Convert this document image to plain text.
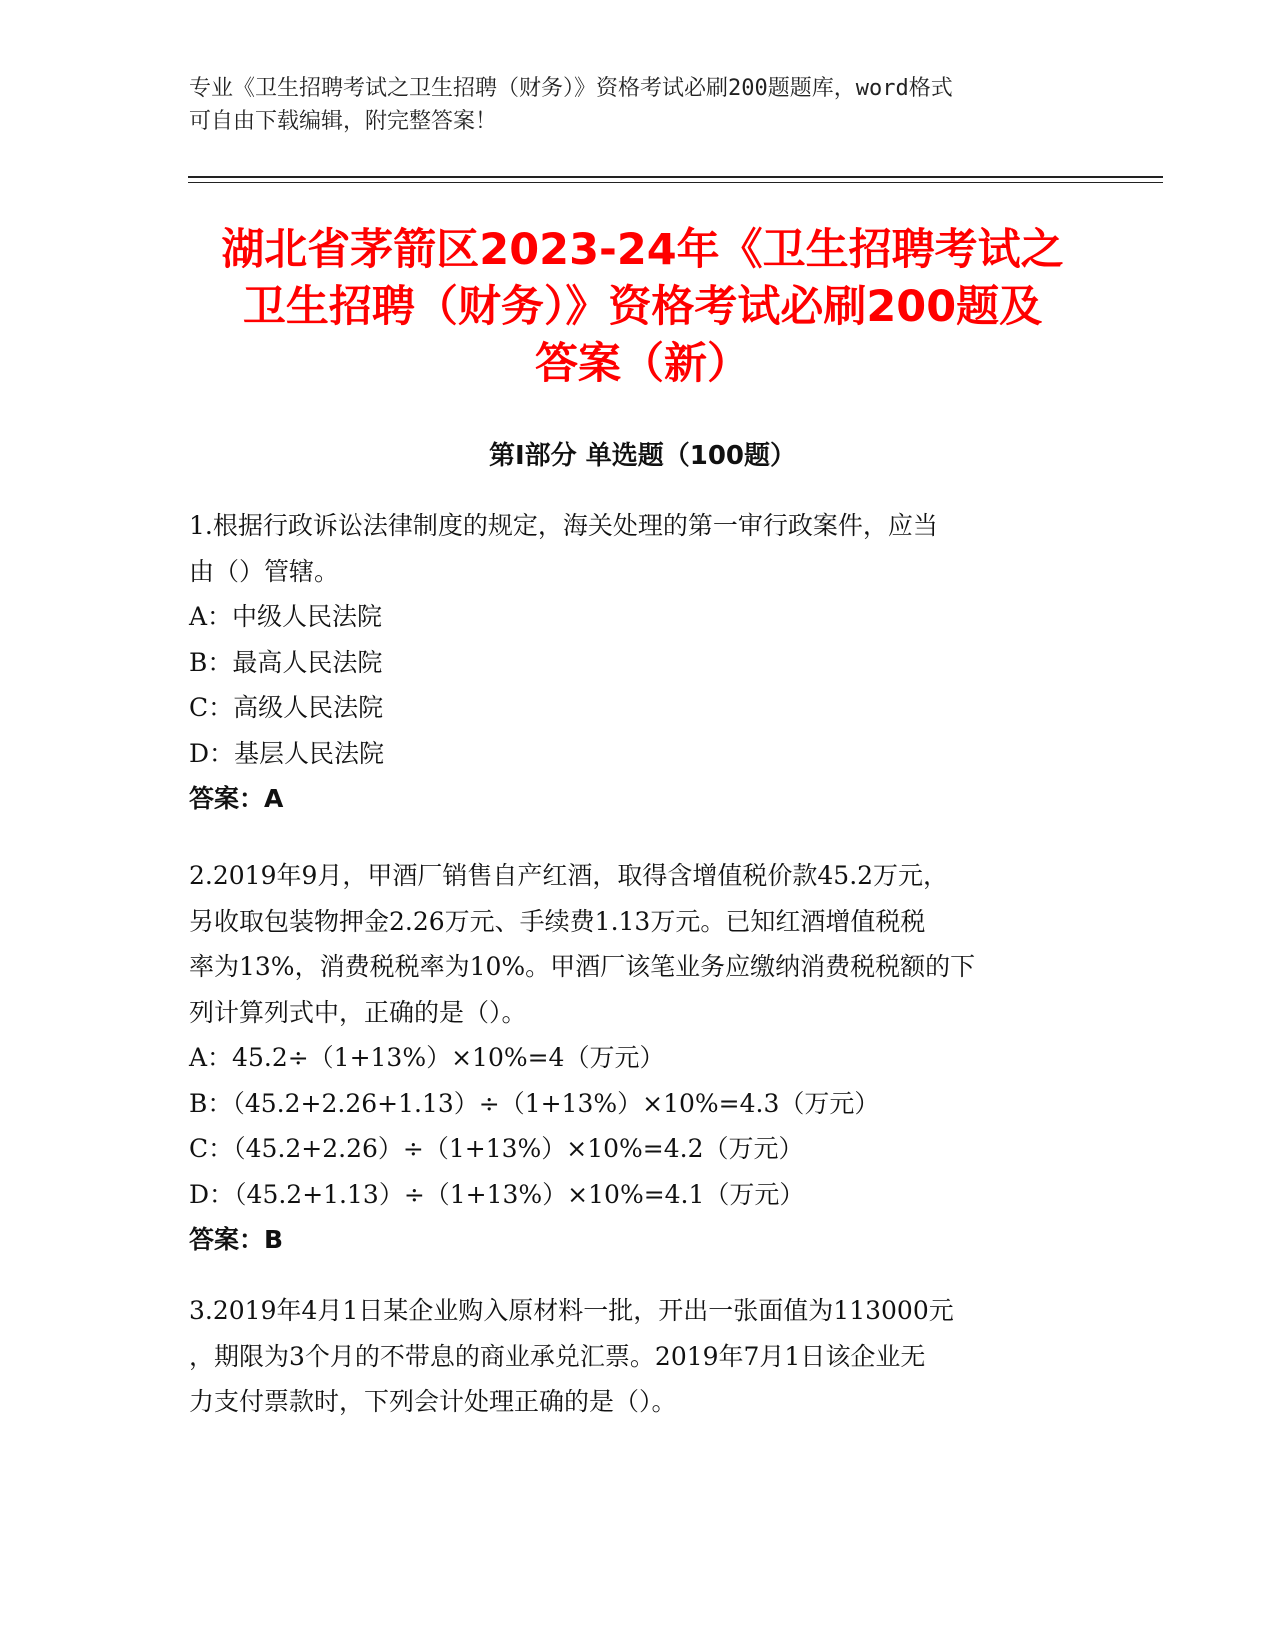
专业《卫生招聘考试之卫生招聘（财务）》资格考试必刷200题题库，word格式
可自由下载编辑，附完整答案！
湖北省茅箭区2023-24年《卫生招聘考试之
卫生招聘（财务）》资格考试必刷200题及
答案（新）
第Ⅰ部分 单选题（100题）
1.根据行政诉讼法律制度的规定，海关处理的第一审行政案件，应当
由（）管辖。
A：中级人民法院
B：最高人民法院
C：高级人民法院
D：基层人民法院
答案：A
2.2019年9月，甲酒厂销售自产红酒，取得含增值税价款45.2万元，
另收取包装物押金2.26万元、手续费1.13万元。已知红酒增值税税
率为13%，消费税税率为10%。甲酒厂该笔业务应缴纳消费税税额的下
列计算列式中，正确的是（）。
A：45.2÷（1+13%）×10%=4（万元）
B：（45.2+2.26+1.13）÷（1+13%）×10%=4.3（万元）
C：（45.2+2.26）÷（1+13%）×10%=4.2（万元）
D：（45.2+1.13）÷（1+13%）×10%=4.1（万元）
答案：B
3.2019年4月1日某企业购入原材料一批，开出一张面值为113000元
，期限为3个月的不带息的商业承兑汇票。2019年7月1日该企业无
力支付票款时，下列会计处理正确的是（）。
